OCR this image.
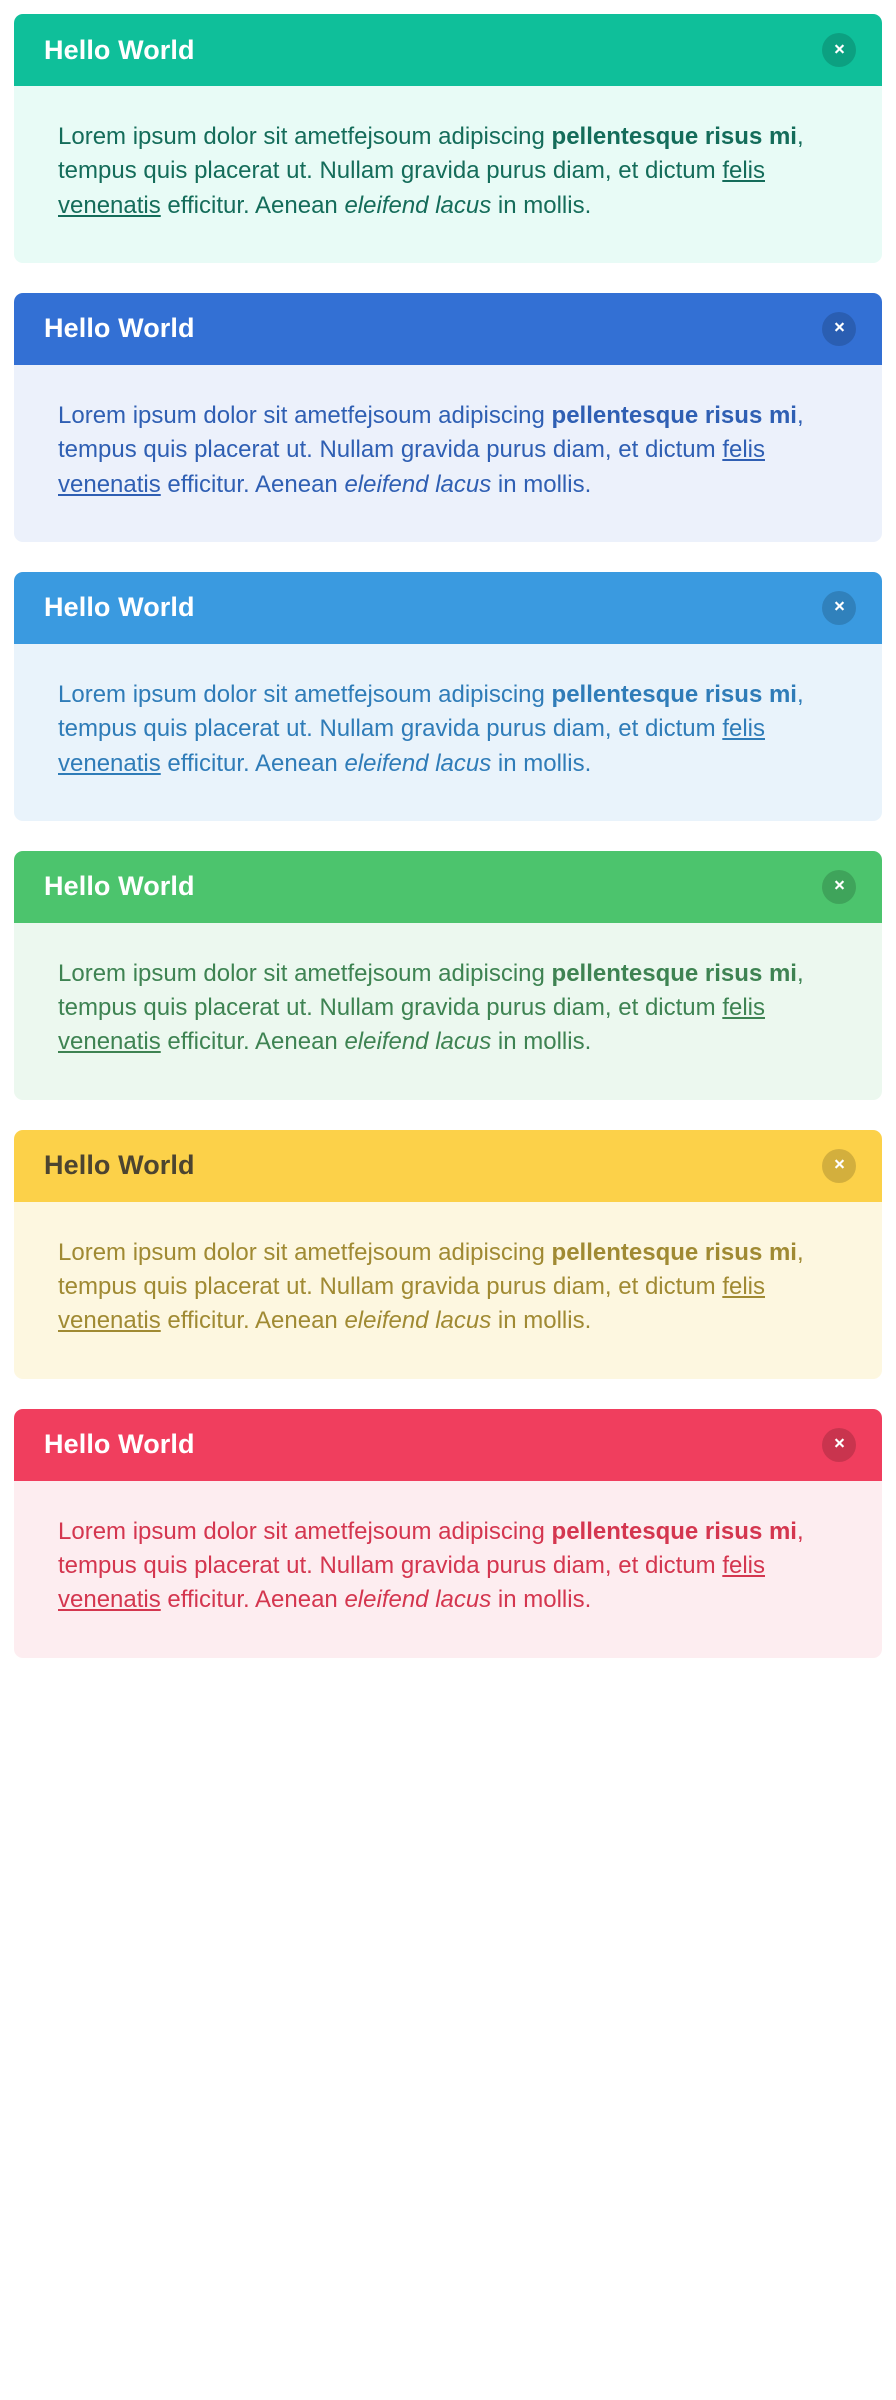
Hello World

Lorem ipsum dolor sit ametfejsoum adipiscing pellentesque risus mi, tempus quis placerat ut. Nullam gravida purus diam, et dictum felis venenatis efficitur. Aenean eleifend lacus in mollis.

Hello World

Lorem ipsum dolor sit ametfejsoum adipiscing pellentesque risus mi, tempus quis placerat ut. Nullam gravida purus diam, et dictum felis venenatis efficitur. Aenean eleifend lacus in mollis.

Hello World

Lorem ipsum dolor sit ametfejsoum adipiscing pellentesque risus mi, tempus quis placerat ut. Nullam gravida purus diam, et dictum felis venenatis efficitur. Aenean eleifend lacus in mollis.

Hello World

Lorem ipsum dolor sit ametfejsoum adipiscing pellentesque risus mi, tempus quis placerat ut. Nullam gravida purus diam, et dictum felis venenatis efficitur. Aenean eleifend lacus in mollis.

Hello World

Lorem ipsum dolor sit ametfejsoum adipiscing pellentesque risus mi, tempus quis placerat ut. Nullam gravida purus diam, et dictum felis venenatis efficitur. Aenean eleifend lacus in mollis.

Hello World

Lorem ipsum dolor sit ametfejsoum adipiscing pellentesque risus mi, tempus quis placerat ut. Nullam gravida purus diam, et dictum felis venenatis efficitur. Aenean eleifend lacus in mollis.
